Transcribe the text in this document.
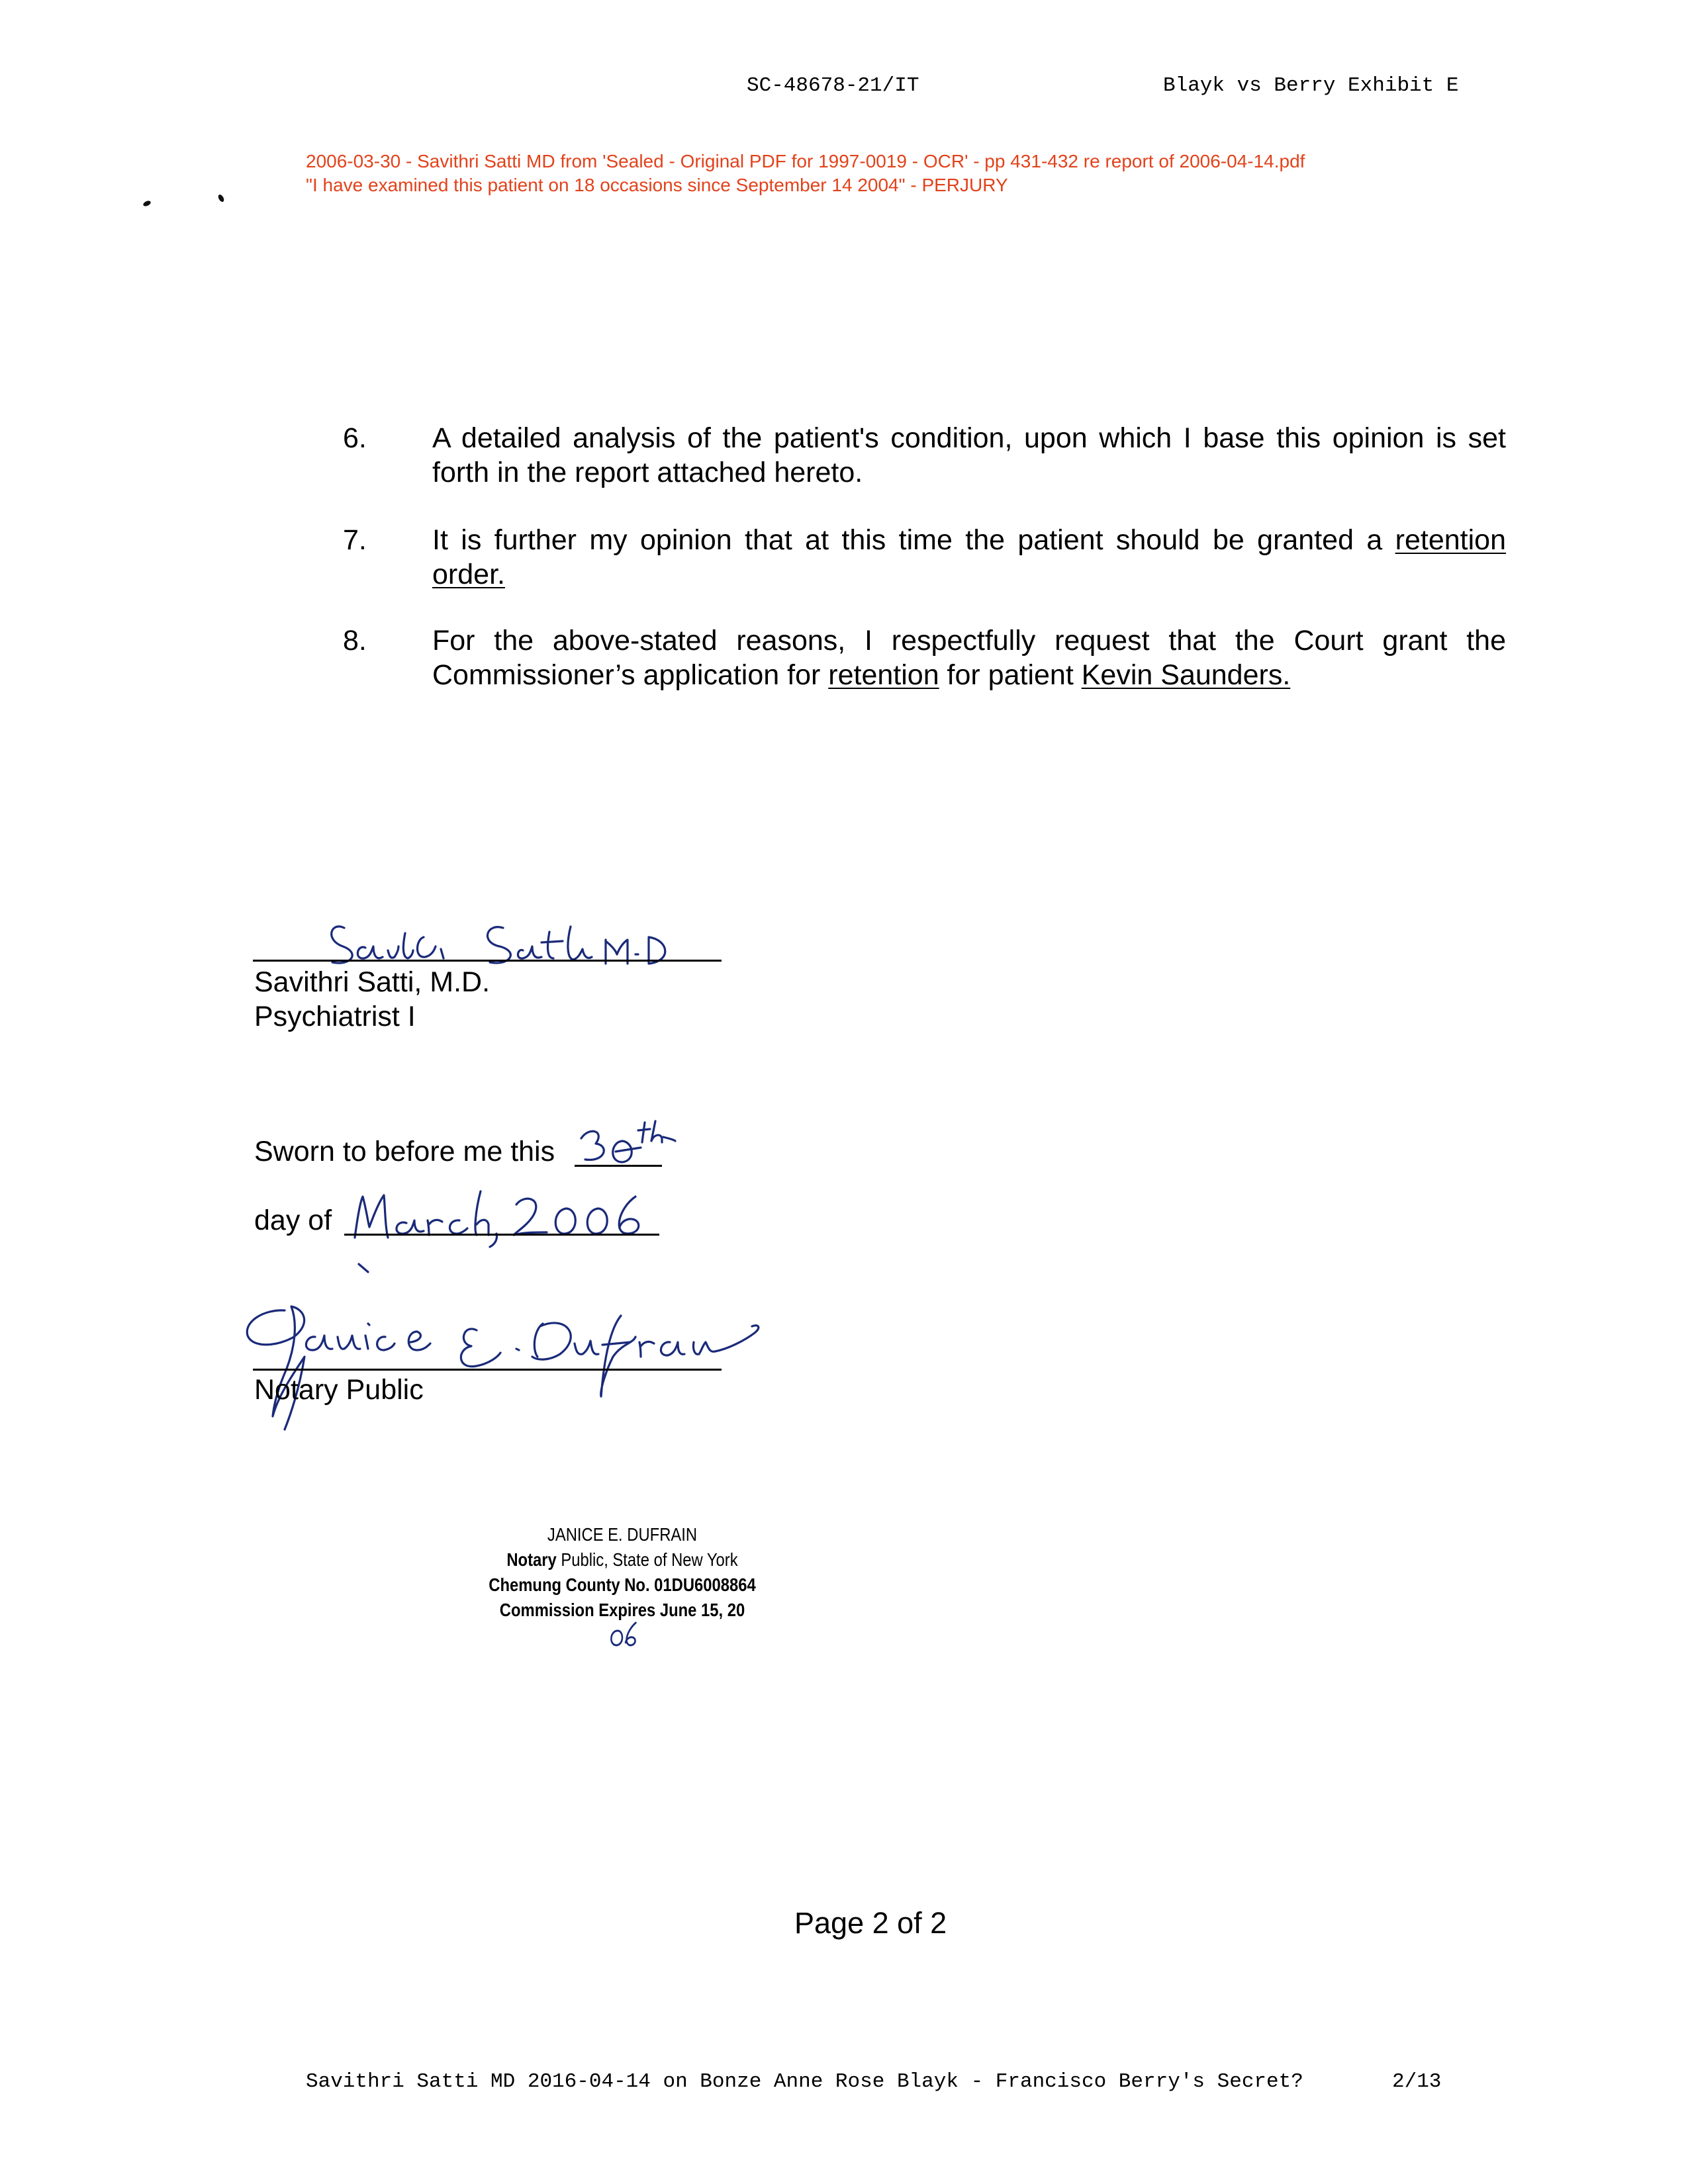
SC-48678-21/IT	Blayk vs Berry Exhibit E
2006-03-30 - Savithri Satti MD from 'Sealed - Original PDF for 1997-0019 - OCR' - pp 431-432 re report of 2006-04-14.pdf
"I have examined this patient on 18 occasions since September 14 2004" - PERJURY
6. A detailed analysis of the patient's condition, upon which I base this opinion is set forth in the report attached hereto.
7. It is further my opinion that at this time the patient should be granted a retention order.
8. For the above-stated reasons, I respectfully request that the Court grant the Commissioner’s application for retention for patient Kevin Saunders.
Savithri Satti, M.D.
Psychiatrist I
Sworn to before me this
day of
Notary Public
JANICE E. DUFRAIN
Notary Public, State of New York
Chemung County No. 01DU6008864
Commission Expires June 15, 20
Page 2 of 2
Savithri Satti MD 2016-04-14 on Bonze Anne Rose Blayk - Francisco Berry's Secret?	2/13
